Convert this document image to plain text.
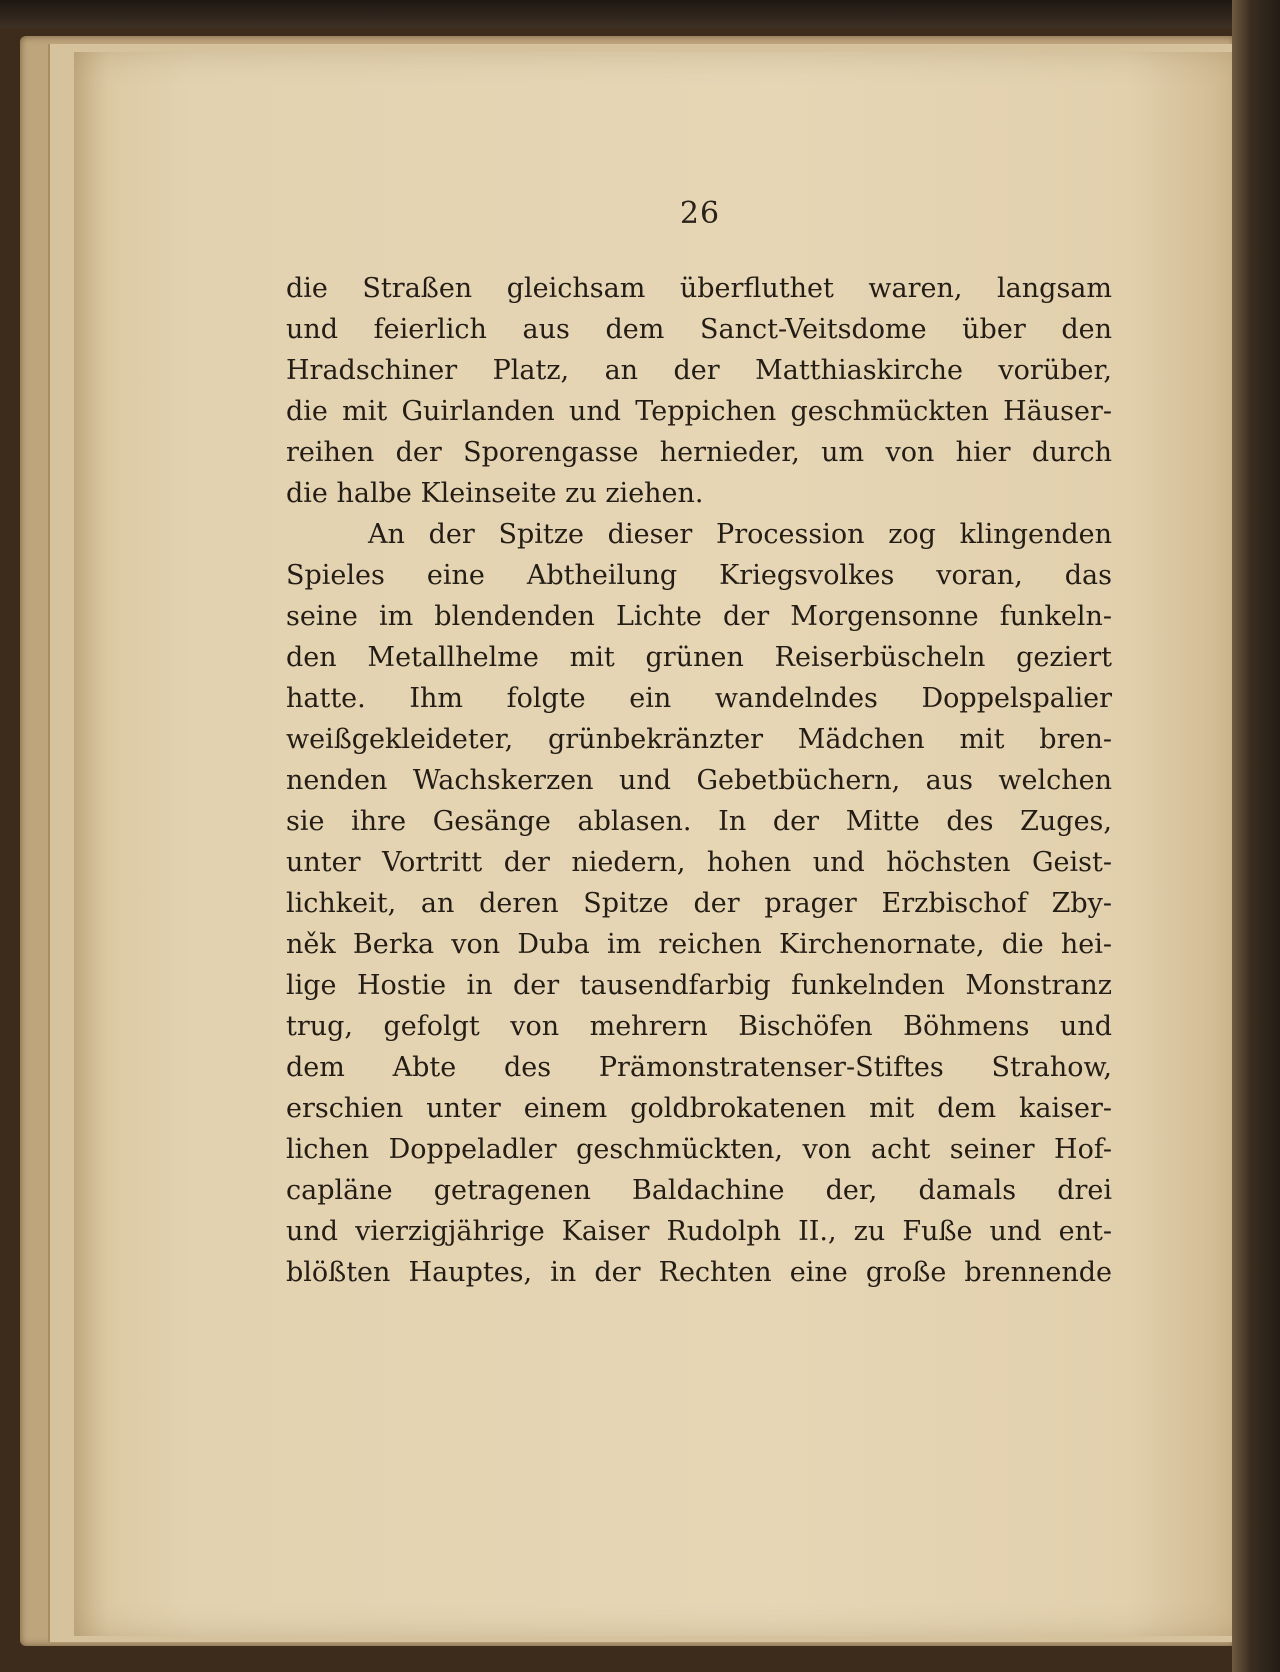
26
die Straßen gleichsam überfluthet waren, langsam
und feierlich aus dem Sanct-Veitsdome über den
Hradschiner Platz, an der Matthiaskirche vorüber,
die mit Guirlanden und Teppichen geschmückten Häuser-
reihen der Sporengasse hernieder, um von hier durch
die halbe Kleinseite zu ziehen.
An der Spitze dieser Procession zog klingenden
Spieles eine Abtheilung Kriegsvolkes voran, das
seine im blendenden Lichte der Morgensonne funkeln-
den Metallhelme mit grünen Reiserbüscheln geziert
hatte. Ihm folgte ein wandelndes Doppelspalier
weißgekleideter, grünbekränzter Mädchen mit bren-
nenden Wachskerzen und Gebetbüchern, aus welchen
sie ihre Gesänge ablasen. In der Mitte des Zuges,
unter Vortritt der niedern, hohen und höchsten Geist-
lichkeit, an deren Spitze der prager Erzbischof Zby-
něk Berka von Duba im reichen Kirchenornate, die hei-
lige Hostie in der tausendfarbig funkelnden Monstranz
trug, gefolgt von mehrern Bischöfen Böhmens und
dem Abte des Prämonstratenser-Stiftes Strahow,
erschien unter einem goldbrokatenen mit dem kaiser-
lichen Doppeladler geschmückten, von acht seiner Hof-
capläne getragenen Baldachine der, damals drei
und vierzigjährige Kaiser Rudolph II., zu Fuße und ent-
blößten Hauptes, in der Rechten eine große brennende
